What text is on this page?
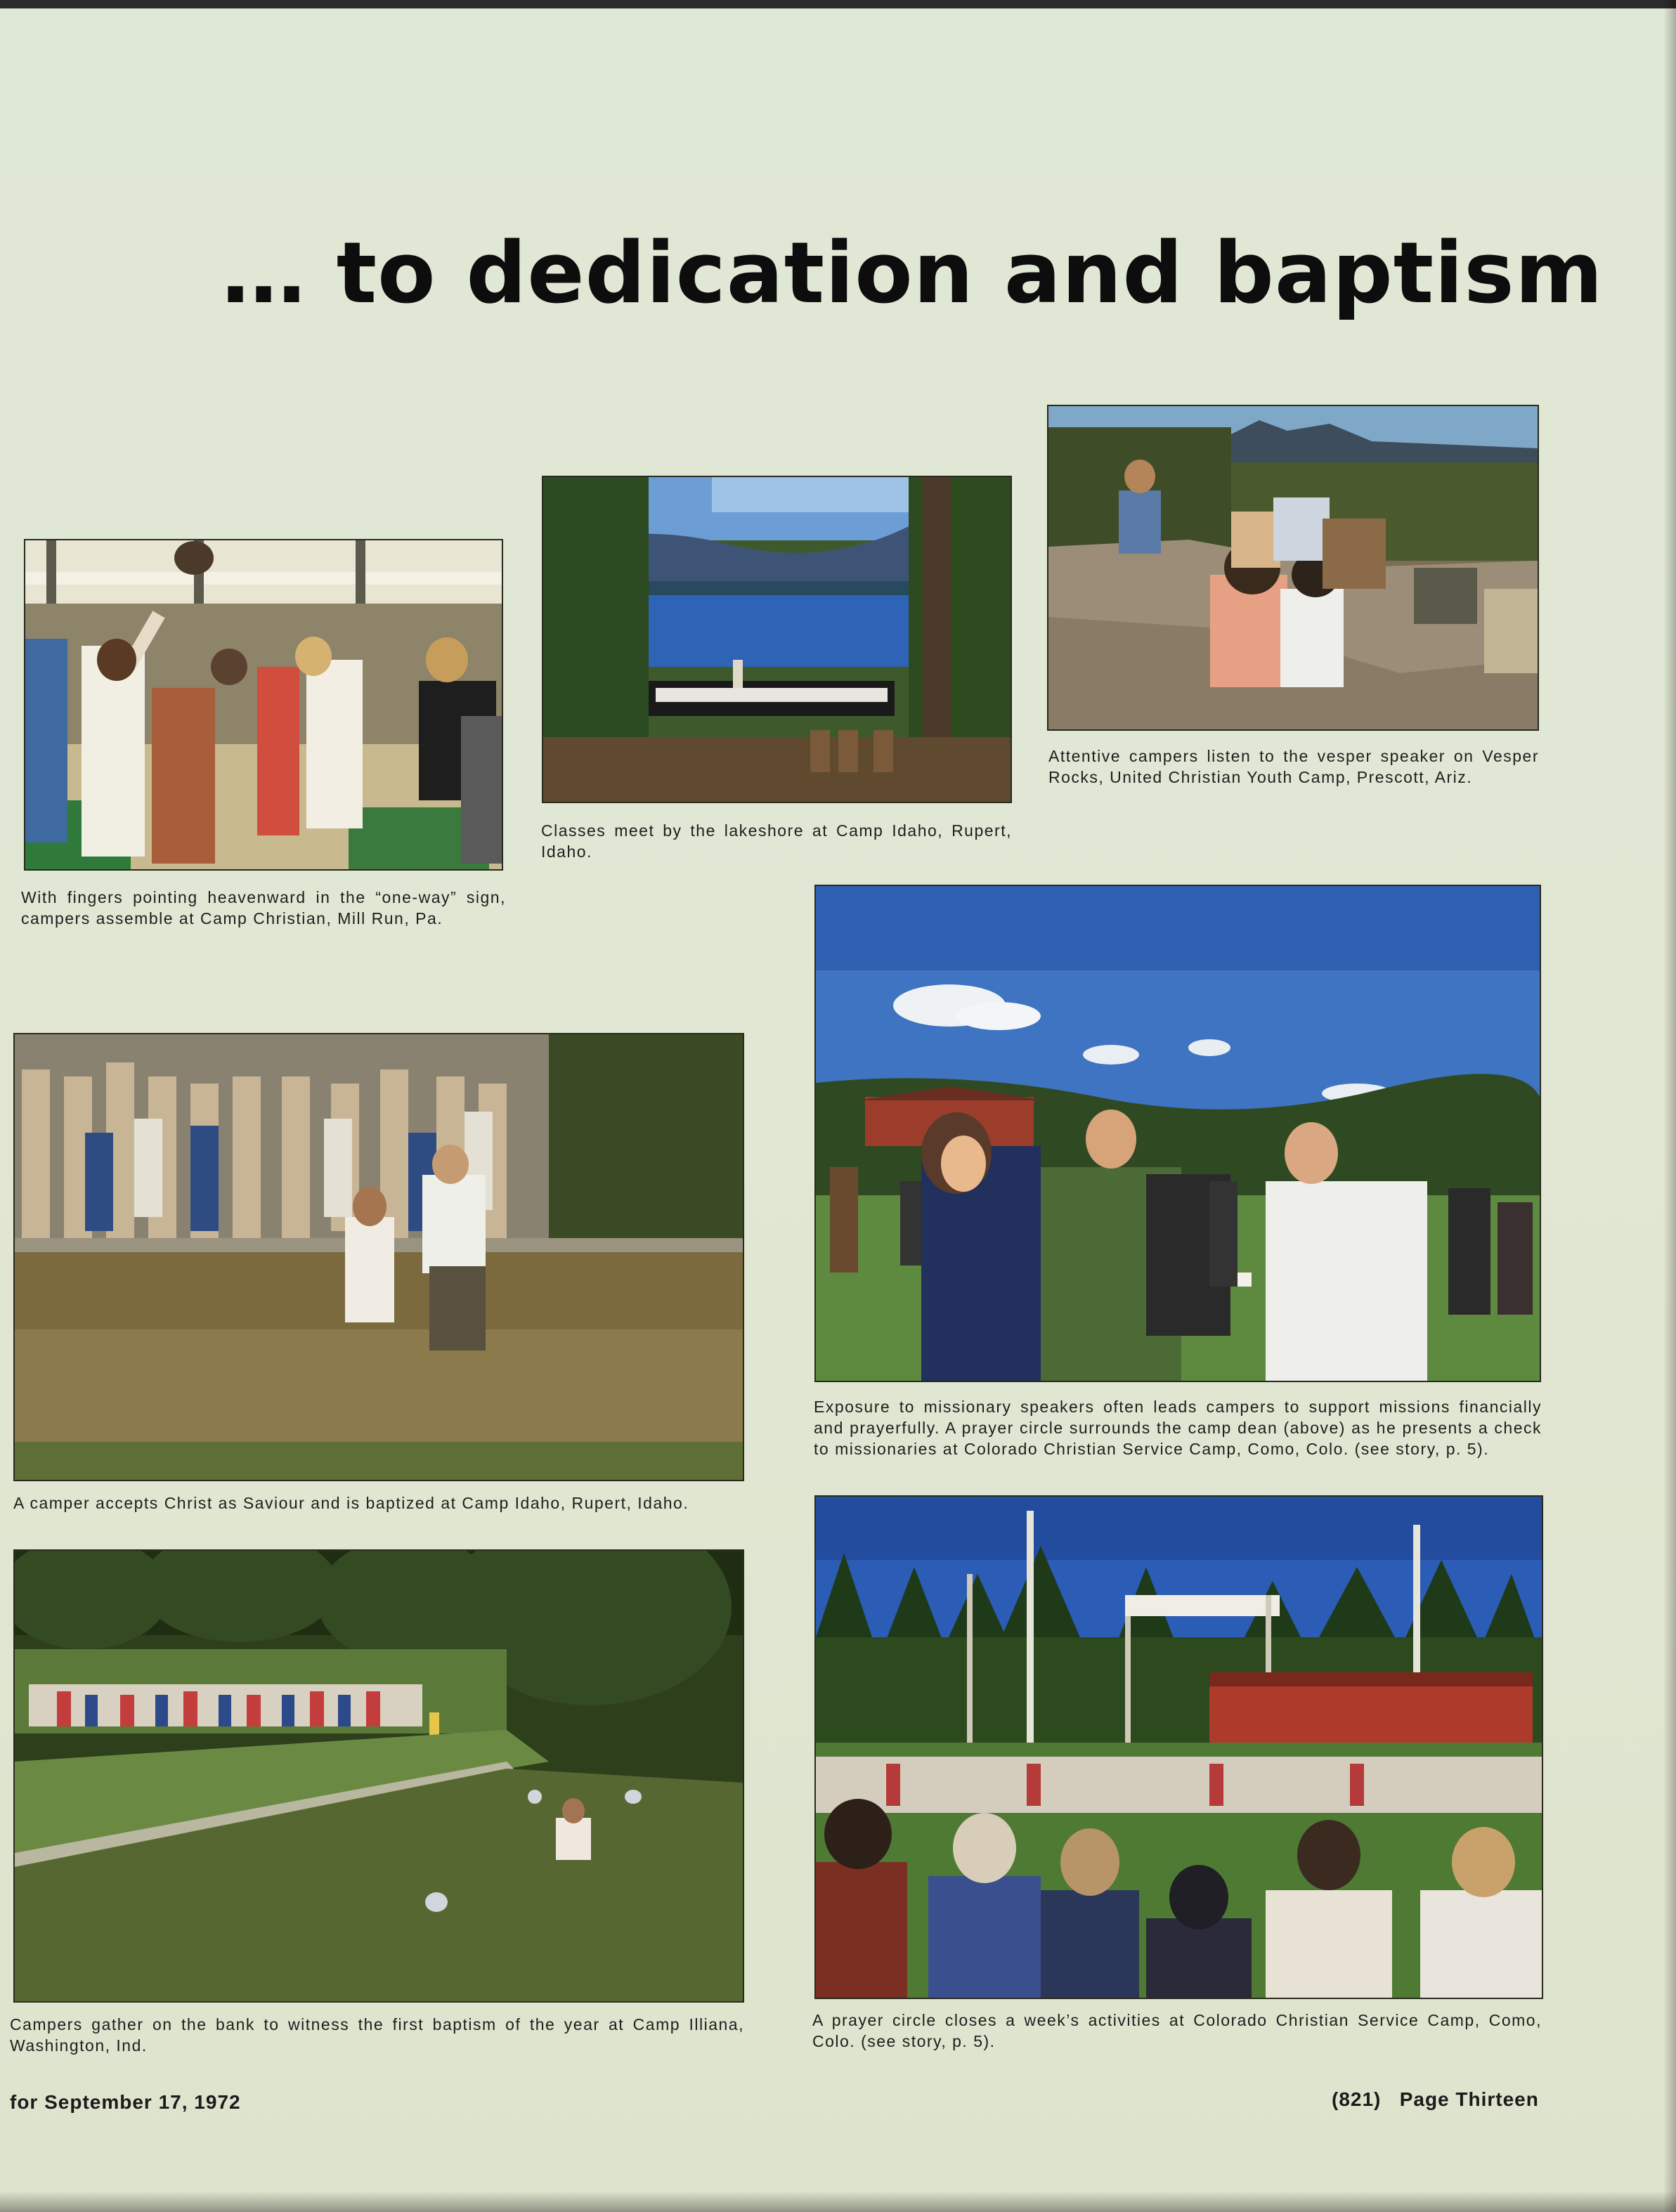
… to dedication and baptism
With fingers pointing heavenward in the “one-way” sign, campers assemble at Camp Christian, Mill Run, Pa.
Classes meet by the lakeshore at Camp Idaho, Rupert, Idaho.
Attentive campers listen to the vesper speaker on Vesper Rocks, United Christian Youth Camp, Prescott, Ariz.
A camper accepts Christ as Saviour and is baptized at Camp Idaho, Rupert, Idaho.
Exposure to missionary speakers often leads campers to support missions financially and prayerfully. A prayer circle surrounds the camp dean (above) as he presents a check to missionaries at Colorado Christian Service Camp, Como, Colo. (see story, p. 5).
Campers gather on the bank to witness the first baptism of the year at Camp Illiana, Washington, Ind.
A prayer circle closes a week’s activities at Colorado Christian Service Camp, Como, Colo. (see story, p. 5).
for September 17, 1972	(821)   Page Thirteen
